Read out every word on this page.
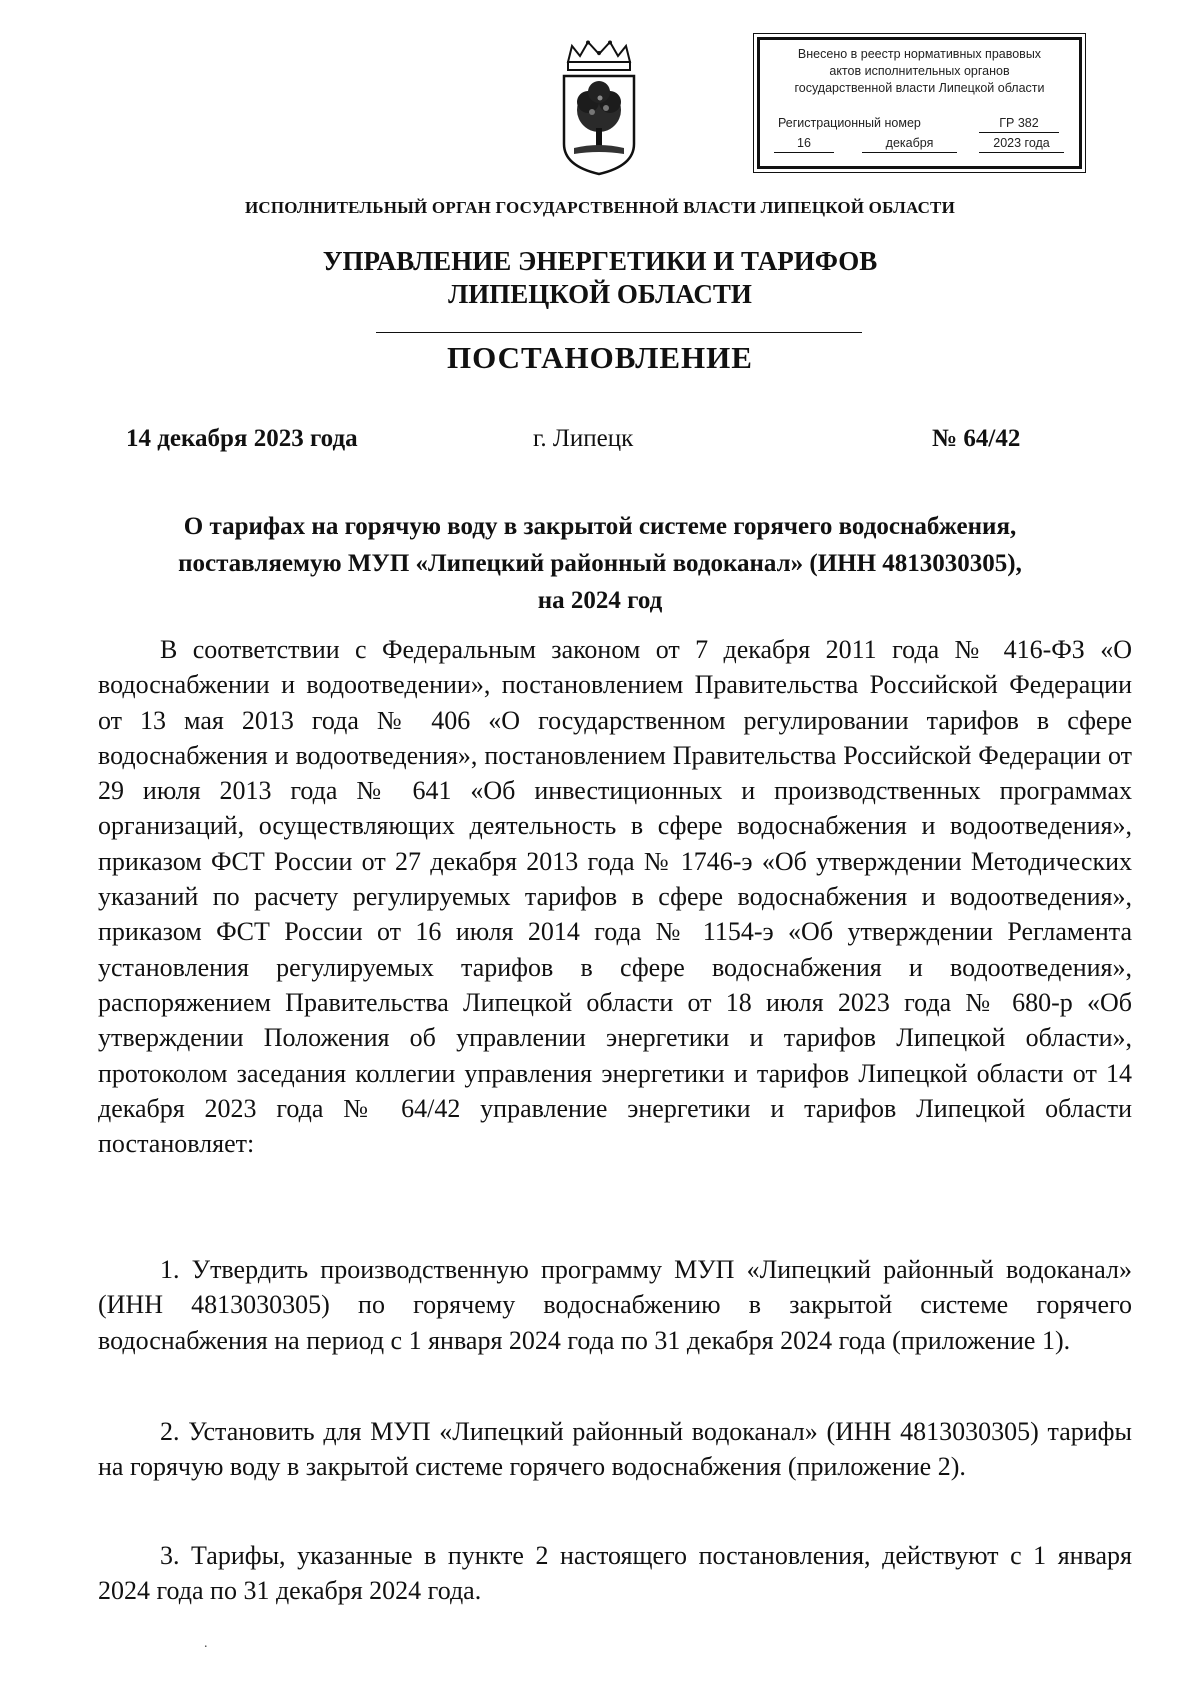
Внесено в реестр нормативных правовых
актов исполнительных органов
государственной власти Липецкой области
Регистрационный номер	ГР 382
16	декабря	2023 года
ИСПОЛНИТЕЛЬНЫЙ ОРГАН ГОСУДАРСТВЕННОЙ ВЛАСТИ ЛИПЕЦКОЙ ОБЛАСТИ
УПРАВЛЕНИЕ ЭНЕРГЕТИКИ И ТАРИФОВ
ЛИПЕЦКОЙ ОБЛАСТИ
ПОСТАНОВЛЕНИЕ
14 декабря 2023 года	г. Липецк	№ 64/42
О тарифах на горячую воду в закрытой системе горячего водоснабжения,
поставляемую МУП «Липецкий районный водоканал» (ИНН 4813030305),
на 2024 год
В соответствии с Федеральным законом от 7 декабря 2011 года № 416-ФЗ «О водоснабжении и водоотведении», постановлением Правительства Российской Федерации от 13 мая 2013 года № 406 «О государственном регулировании тарифов в сфере водоснабжения и водоотведения», постановлением Правительства Российской Федерации от 29 июля 2013 года № 641 «Об инвестиционных и производственных программах организаций, осуществляющих деятельность в сфере водоснабжения и водоотведения», приказом ФСТ России от 27 декабря 2013 года № 1746-э «Об утверждении Методических указаний по расчету регулируемых тарифов в сфере водоснабжения и водоотведения», приказом ФСТ России от 16 июля 2014 года № 1154-э «Об утверждении Регламента установления регулируемых тарифов в сфере водоснабжения и водоотведения», распоряжением Правительства Липецкой области от 18 июля 2023 года № 680-р «Об утверждении Положения об управлении энергетики и тарифов Липецкой области», протоколом заседания коллегии управления энергетики и тарифов Липецкой области от 14 декабря 2023 года № 64/42 управление энергетики и тарифов Липецкой области постановляет:
1. Утвердить производственную программу МУП «Липецкий районный водоканал» (ИНН 4813030305) по горячему водоснабжению в закрытой системе горячего водоснабжения на период с 1 января 2024 года по 31 декабря 2024 года (приложение 1).
2. Установить для МУП «Липецкий районный водоканал» (ИНН 4813030305) тарифы на горячую воду в закрытой системе горячего водоснабжения (приложение 2).
3. Тарифы, указанные в пункте 2 настоящего постановления, действуют с 1 января 2024 года по 31 декабря 2024 года.
.
